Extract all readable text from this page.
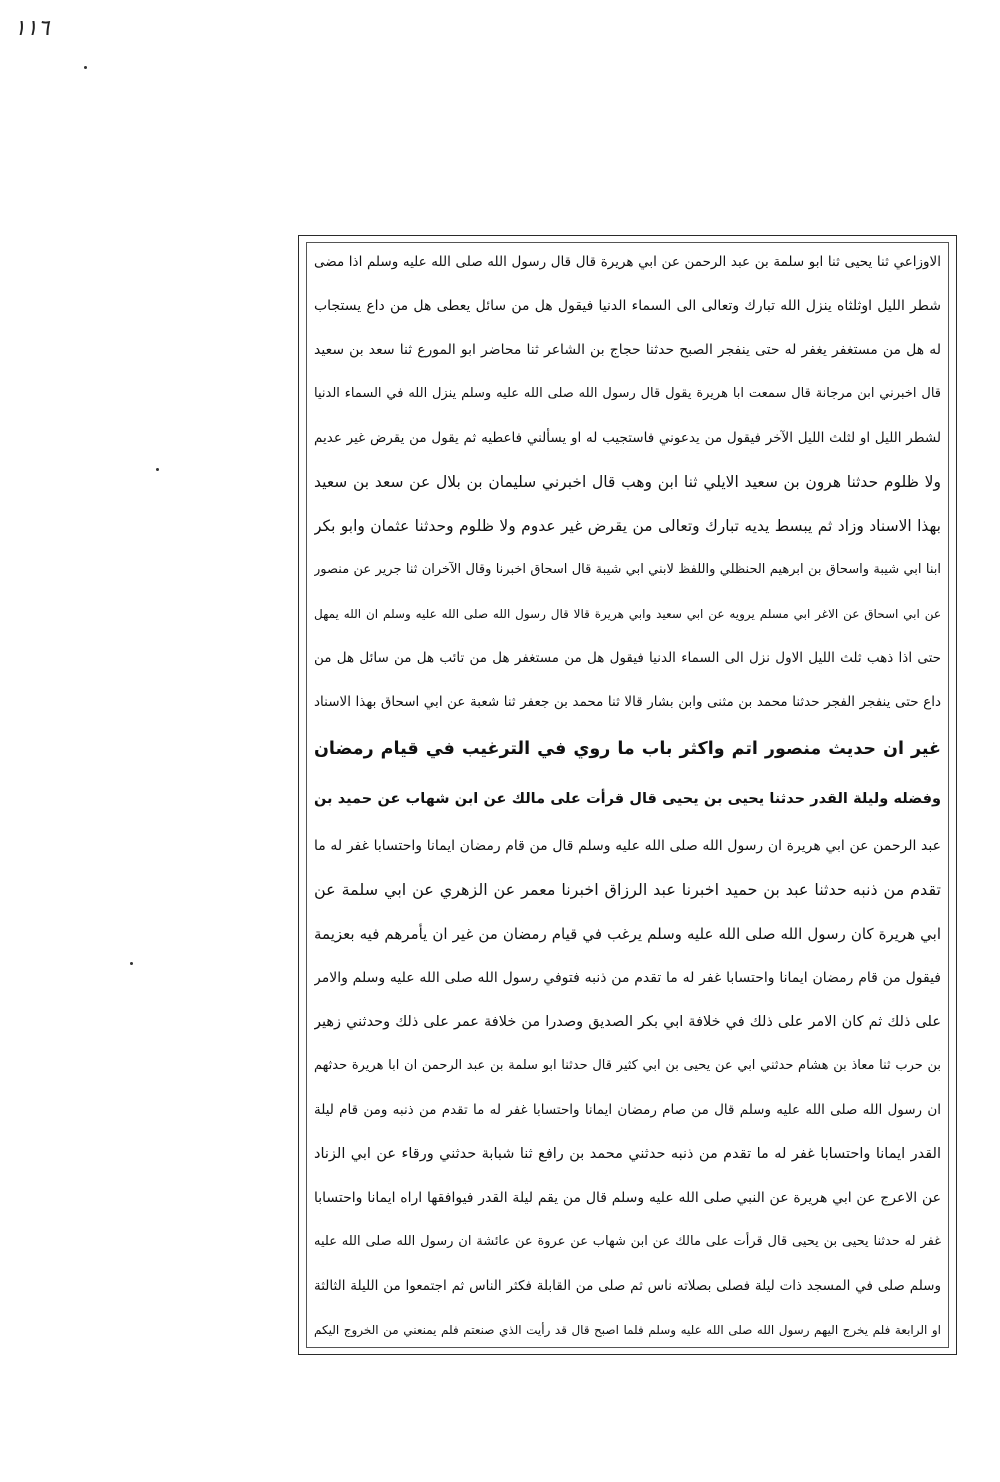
١١٦
الاوزاعي ثنا يحيى ثنا ابو سلمة بن عبد الرحمن عن ابي هريرة قال قال رسول الله صلى الله عليه وسلم اذا مضى
شطر الليل اوثلثاه ينزل الله تبارك وتعالى الى السماء الدنيا فيقول هل من سائل يعطى هل من داع يستجاب
له هل من مستغفر يغفر له حتى ينفجر الصبح حدثنا حجاج بن الشاعر ثنا محاضر ابو المورع ثنا سعد بن سعيد
قال اخبرني ابن مرجانة قال سمعت ابا هريرة يقول قال رسول الله صلى الله عليه وسلم ينزل الله في السماء الدنيا
لشطر الليل او لثلث الليل الآخر فيقول من يدعوني فاستجيب له او يسألني فاعطيه ثم يقول من يقرض غير عديم
ولا ظلوم حدثنا هرون بن سعيد الايلي ثنا ابن وهب قال اخبرني سليمان بن بلال عن سعد بن سعيد
بهذا الاسناد وزاد ثم يبسط يديه تبارك وتعالى من يقرض غير عدوم ولا ظلوم وحدثنا عثمان وابو بكر
ابنا ابي شيبة واسحاق بن ابرهيم الحنظلي واللفظ لابني ابي شيبة قال اسحاق اخبرنا وقال الآخران ثنا جرير عن منصور
عن ابي اسحاق عن الاغر ابي مسلم يرويه عن ابي سعيد وابي هريرة قالا قال رسول الله صلى الله عليه وسلم ان الله يمهل
حتى اذا ذهب ثلث الليل الاول نزل الى السماء الدنيا فيقول هل من مستغفر هل من تائب هل من سائل هل من
داع حتى ينفجر الفجر حدثنا محمد بن مثنى وابن بشار قالا ثنا محمد بن جعفر ثنا شعبة عن ابي اسحاق بهذا الاسناد
غير ان حديث منصور اتم واكثر باب ما روي في الترغيب في قيام رمضان
وفضله وليلة القدر حدثنا يحيى بن يحيى قال قرأت على مالك عن ابن شهاب عن حميد بن
عبد الرحمن عن ابي هريرة ان رسول الله صلى الله عليه وسلم قال من قام رمضان ايمانا واحتسابا غفر له ما
تقدم من ذنبه حدثنا عبد بن حميد اخبرنا عبد الرزاق اخبرنا معمر عن الزهري عن ابي سلمة عن
ابي هريرة كان رسول الله صلى الله عليه وسلم يرغب في قيام رمضان من غير ان يأمرهم فيه بعزيمة
فيقول من قام رمضان ايمانا واحتسابا غفر له ما تقدم من ذنبه فتوفي رسول الله صلى الله عليه وسلم والامر
على ذلك ثم كان الامر على ذلك في خلافة ابي بكر الصديق وصدرا من خلافة عمر على ذلك وحدثني زهير
بن حرب ثنا معاذ بن هشام حدثني ابي عن يحيى بن ابي كثير قال حدثنا ابو سلمة بن عبد الرحمن ان ابا هريرة حدثهم
ان رسول الله صلى الله عليه وسلم قال من صام رمضان ايمانا واحتسابا غفر له ما تقدم من ذنبه ومن قام ليلة
القدر ايمانا واحتسابا غفر له ما تقدم من ذنبه حدثني محمد بن رافع ثنا شبابة حدثني ورقاء عن ابي الزناد
عن الاعرج عن ابي هريرة عن النبي صلى الله عليه وسلم قال من يقم ليلة القدر فيوافقها اراه ايمانا واحتسابا
غفر له حدثنا يحيى بن يحيى قال قرأت على مالك عن ابن شهاب عن عروة عن عائشة ان رسول الله صلى الله عليه
وسلم صلى في المسجد ذات ليلة فصلى بصلاته ناس ثم صلى من القابلة فكثر الناس ثم اجتمعوا من الليلة الثالثة
او الرابعة فلم يخرج اليهم رسول الله صلى الله عليه وسلم فلما اصبح قال قد رأيت الذي صنعتم فلم يمنعني من الخروج اليكم
